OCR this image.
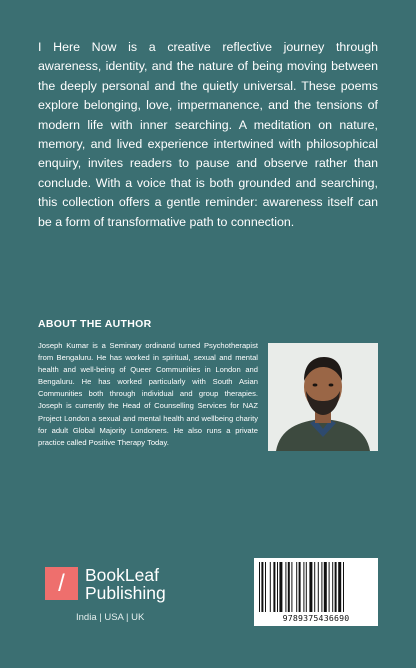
I Here Now is a creative reflective journey through awareness, identity, and the nature of being moving between the deeply personal and the quietly universal. These poems explore belonging, love, impermanence, and the tensions of modern life with inner searching. A meditation on nature, memory, and lived experience intertwined with philosophical enquiry, invites readers to pause and observe rather than conclude. With a voice that is both grounded and searching, this collection offers a gentle reminder: awareness itself can be a form of transformative path to connection.

ABOUT THE AUTHOR

Joseph Kumar is a Seminary ordinand turned Psychotherapist from Bengaluru. He has worked in spiritual, sexual and mental health and well-being of Queer Communities in London and Bengaluru. He has worked particularly with South Asian Communities both through individual and group therapies. Joseph is currently the Head of Counselling Services for NAZ Project London a sexual and mental health and wellbeing charity for adult Global Majority Londoners. He also runs a private practice called Positive Therapy Today.

/	BookLeaf
Publishing
India | USA | UK	9789375436690
